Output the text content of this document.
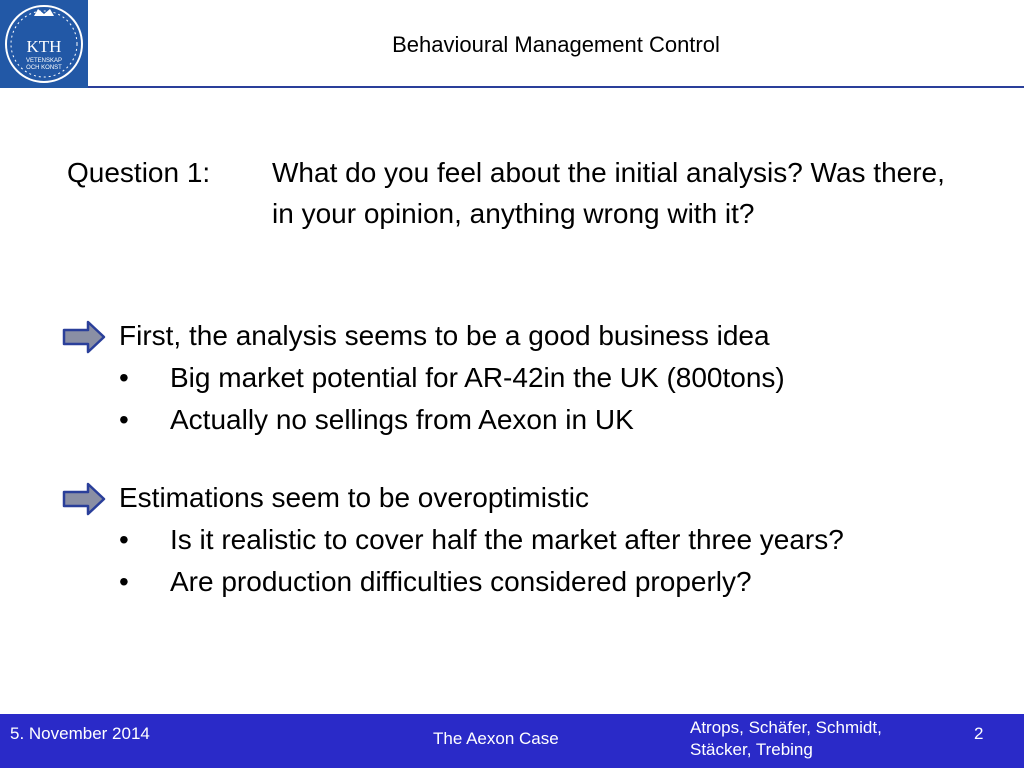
KTH
VETENSKAP
OCH KONST
Behavioural Management Control
Question 1: What do you feel about the initial analysis? Was there, in your opinion, anything wrong with it?
First, the analysis seems to be a good business idea
• Big market potential for AR-42in the UK (800tons)
• Actually no sellings from Aexon in UK
Estimations seem to be overoptimistic
• Is it realistic to cover half the market after three years?
• Are production difficulties considered properly?
5. November 2014	The Aexon Case
Atrops, Schäfer, Schmidt,
Stäcker, Trebing
2
